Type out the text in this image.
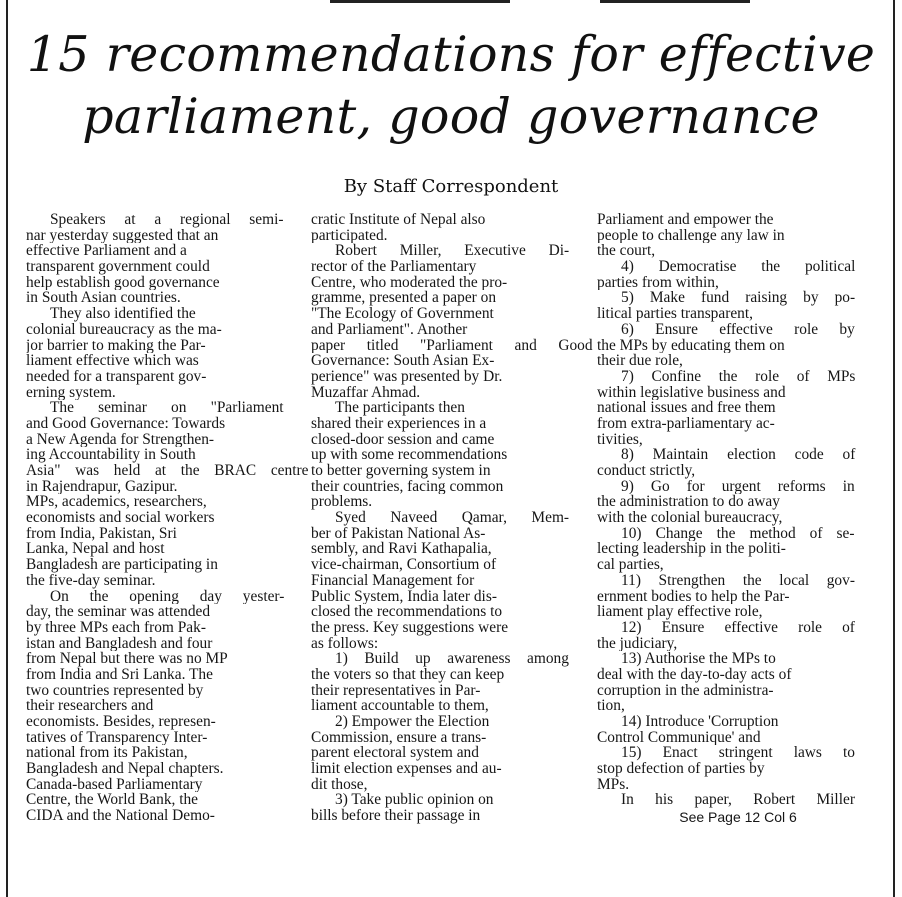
15 recommendations for effective
parliament, good governance
By Staff Correspondent
Speakers at a regional semi-
nar yesterday suggested that an
effective Parliament and a
transparent government could
help establish good governance
in South Asian countries.
They also identified the
colonial bureaucracy as the ma-
jor barrier to making the Par-
liament effective which was
needed for a transparent gov-
erning system.
The seminar on "Parliament
and Good Governance: Towards
a New Agenda for Strengthen-
ing Accountability in South
Asia" was held at the BRAC centre
in Rajendrapur, Gazipur.
MPs, academics, researchers,
economists and social workers
from India, Pakistan, Sri
Lanka, Nepal and host
Bangladesh are participating in
the five-day seminar.
On the opening day yester-
day, the seminar was attended
by three MPs each from Pak-
istan and Bangladesh and four
from Nepal but there was no MP
from India and Sri Lanka. The
two countries represented by
their researchers and
economists. Besides, represen-
tatives of Transparency Inter-
national from its Pakistan,
Bangladesh and Nepal chapters.
Canada-based Parliamentary
Centre, the World Bank, the
CIDA and the National Demo-
cratic Institute of Nepal also
participated.
Robert Miller, Executive Di-
rector of the Parliamentary
Centre, who moderated the pro-
gramme, presented a paper on
"The Ecology of Government
and Parliament". Another
paper titled "Parliament and Good
Governance: South Asian Ex-
perience" was presented by Dr.
Muzaffar Ahmad.
The participants then
shared their experiences in a
closed-door session and came
up with some recommendations
to better governing system in
their countries, facing common
problems.
Syed Naveed Qamar, Mem-
ber of Pakistan National As-
sembly, and Ravi Kathapalia,
vice-chairman, Consortium of
Financial Management for
Public System, India later dis-
closed the recommendations to
the press. Key suggestions were
as follows:
1) Build up awareness among
the voters so that they can keep
their representatives in Par-
liament accountable to them,
2) Empower the Election
Commission, ensure a trans-
parent electoral system and
limit election expenses and au-
dit those,
3) Take public opinion on
bills before their passage in
Parliament and empower the
people to challenge any law in
the court,
4) Democratise the political
parties from within,
5) Make fund raising by po-
litical parties transparent,
6) Ensure effective role by
the MPs by educating them on
their due role,
7) Confine the role of MPs
within legislative business and
national issues and free them
from extra-parliamentary ac-
tivities,
8) Maintain election code of
conduct strictly,
9) Go for urgent reforms in
the administration to do away
with the colonial bureaucracy,
10) Change the method of se-
lecting leadership in the politi-
cal parties,
11) Strengthen the local gov-
ernment bodies to help the Par-
liament play effective role,
12) Ensure effective role of
the judiciary,
13) Authorise the MPs to
deal with the day-to-day acts of
corruption in the administra-
tion,
14) Introduce 'Corruption
Control Communique' and
15) Enact stringent laws to
stop defection of parties by
MPs.
In his paper, Robert Miller
See Page 12 Col 6
